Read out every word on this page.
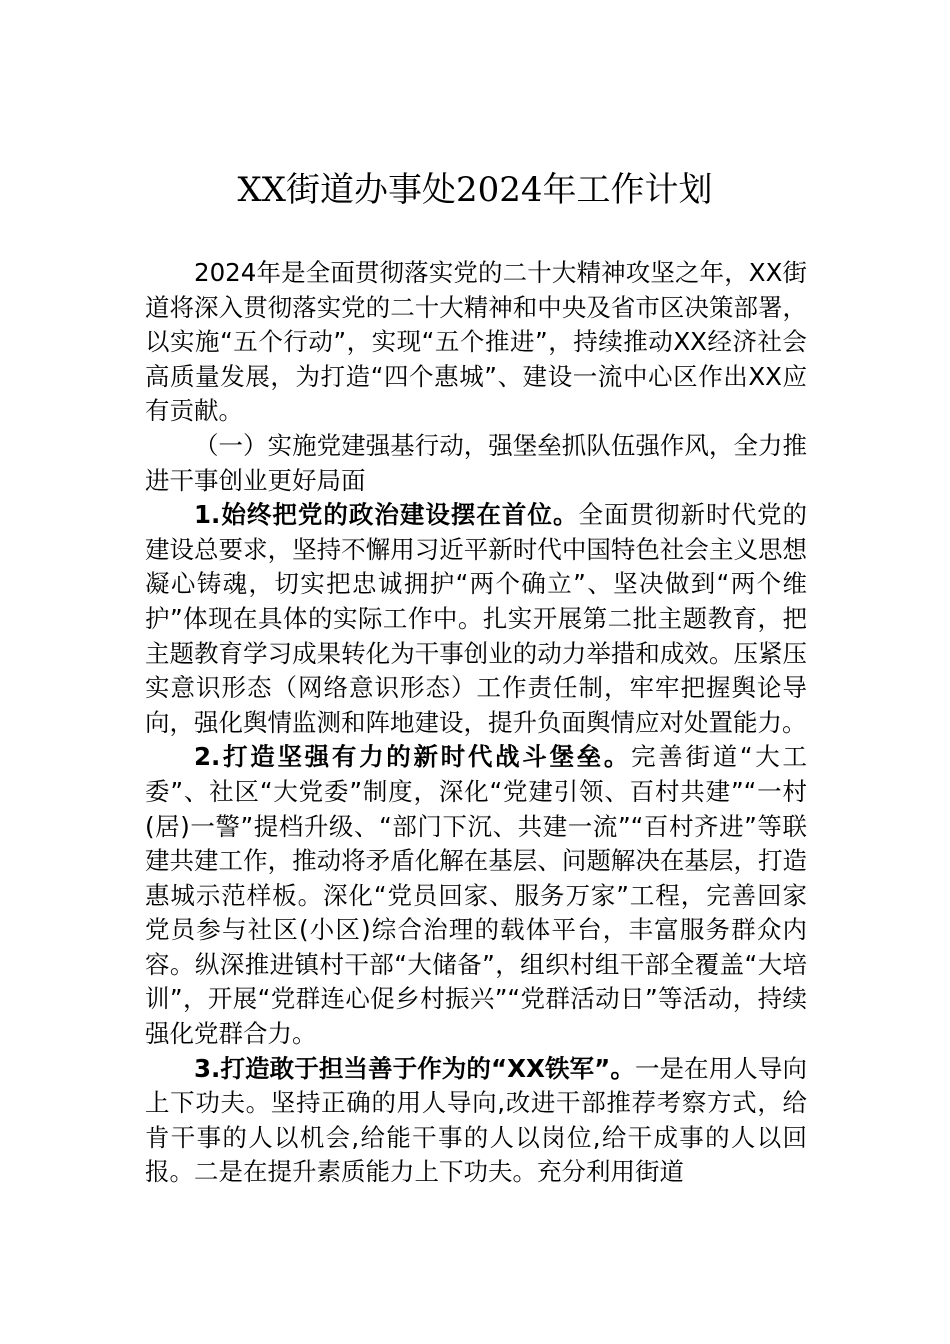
XX街道办事处2024年工作计划

2024年是全面贯彻落实党的二十大精神攻坚之年，XX街道将深入贯彻落实党的二十大精神和中央及省市区决策部署，以实施“五个行动”，实现“五个推进”，持续推动XX经济社会高质量发展，为打造“四个惠城”、建设一流中心区作出XX应有贡献。

（一）实施党建强基行动，强堡垒抓队伍强作风，全力推进干事创业更好局面

1.始终把党的政治建设摆在首位。全面贯彻新时代党的建设总要求，坚持不懈用习近平新时代中国特色社会主义思想凝心铸魂，切实把忠诚拥护“两个确立”、坚决做到“两个维护”体现在具体的实际工作中。扎实开展第二批主题教育，把主题教育学习成果转化为干事创业的动力举措和成效。压紧压实意识形态（网络意识形态）工作责任制，牢牢把握舆论导向，强化舆情监测和阵地建设，提升负面舆情应对处置能力。

2.打造坚强有力的新时代战斗堡垒。完善街道“大工委”、社区“大党委”制度，深化“党建引领、百村共建”“一村(居)一警”提档升级、“部门下沉、共建一流”“百村齐进”等联建共建工作，推动将矛盾化解在基层、问题解决在基层，打造惠城示范样板。深化“党员回家、服务万家”工程，完善回家党员参与社区(小区)综合治理的载体平台，丰富服务群众内容。纵深推进镇村干部“大储备”，组织村组干部全覆盖“大培训”，开展“党群连心促乡村振兴”“党群活动日”等活动，持续强化党群合力。

3.打造敢于担当善于作为的“XX铁军”。一是在用人导向上下功夫。坚持正确的用人导向,改进干部推荐考察方式，给肯干事的人以机会,给能干事的人以岗位,给干成事的人以回报。二是在提升素质能力上下功夫。充分利用街道
